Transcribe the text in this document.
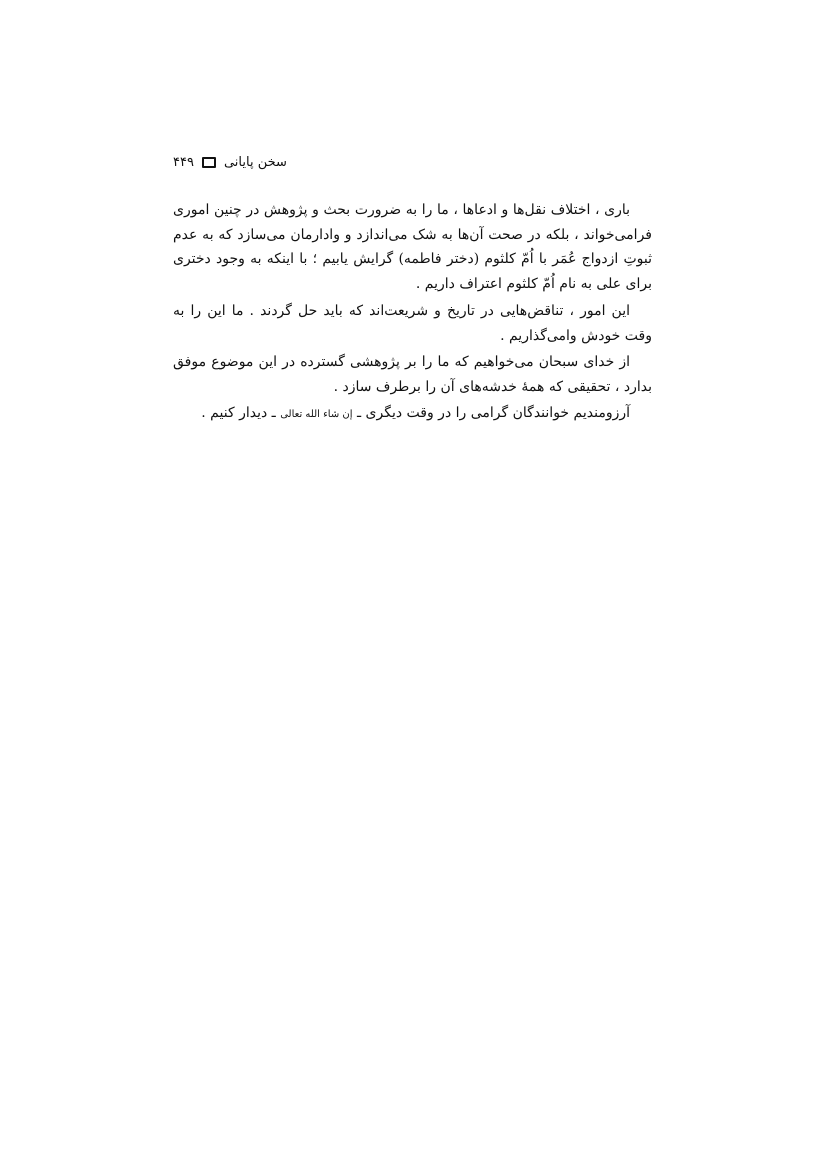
سخن پایانی
۴۴۹

باری ، اختلاف نقل‌ها و ادعاها ، ما را به ضرورت بحث و پژوهش در چنین اموری فرامی‌خواند ، بلکه در صحت آن‌ها به شک می‌اندازد و وادارمان می‌سازد که به عدم ثبوتِ ازدواج عُمَر با اُمّ کلثوم (دختر فاطمه) گرایش یابیم ؛ با اینکه به وجود دختری برای علی به نام اُمّ کلثوم اعتراف داریم .

این امور ، تناقض‌هایی در تاریخ و شریعت‌اند که باید حل گردند . ما این را به وقت خودش وامی‌گذاریم .

از خدای سبحان می‌خواهیم که ما را بر پژوهشی گسترده در این موضوع موفق بدارد ، تحقیقی که همهٔ خدشه‌های آن را برطرف سازد .

آرزومندیم خوانندگان گرامی را در وقت دیگری ـ إن شاء الله تعالی ـ دیدار کنیم .
